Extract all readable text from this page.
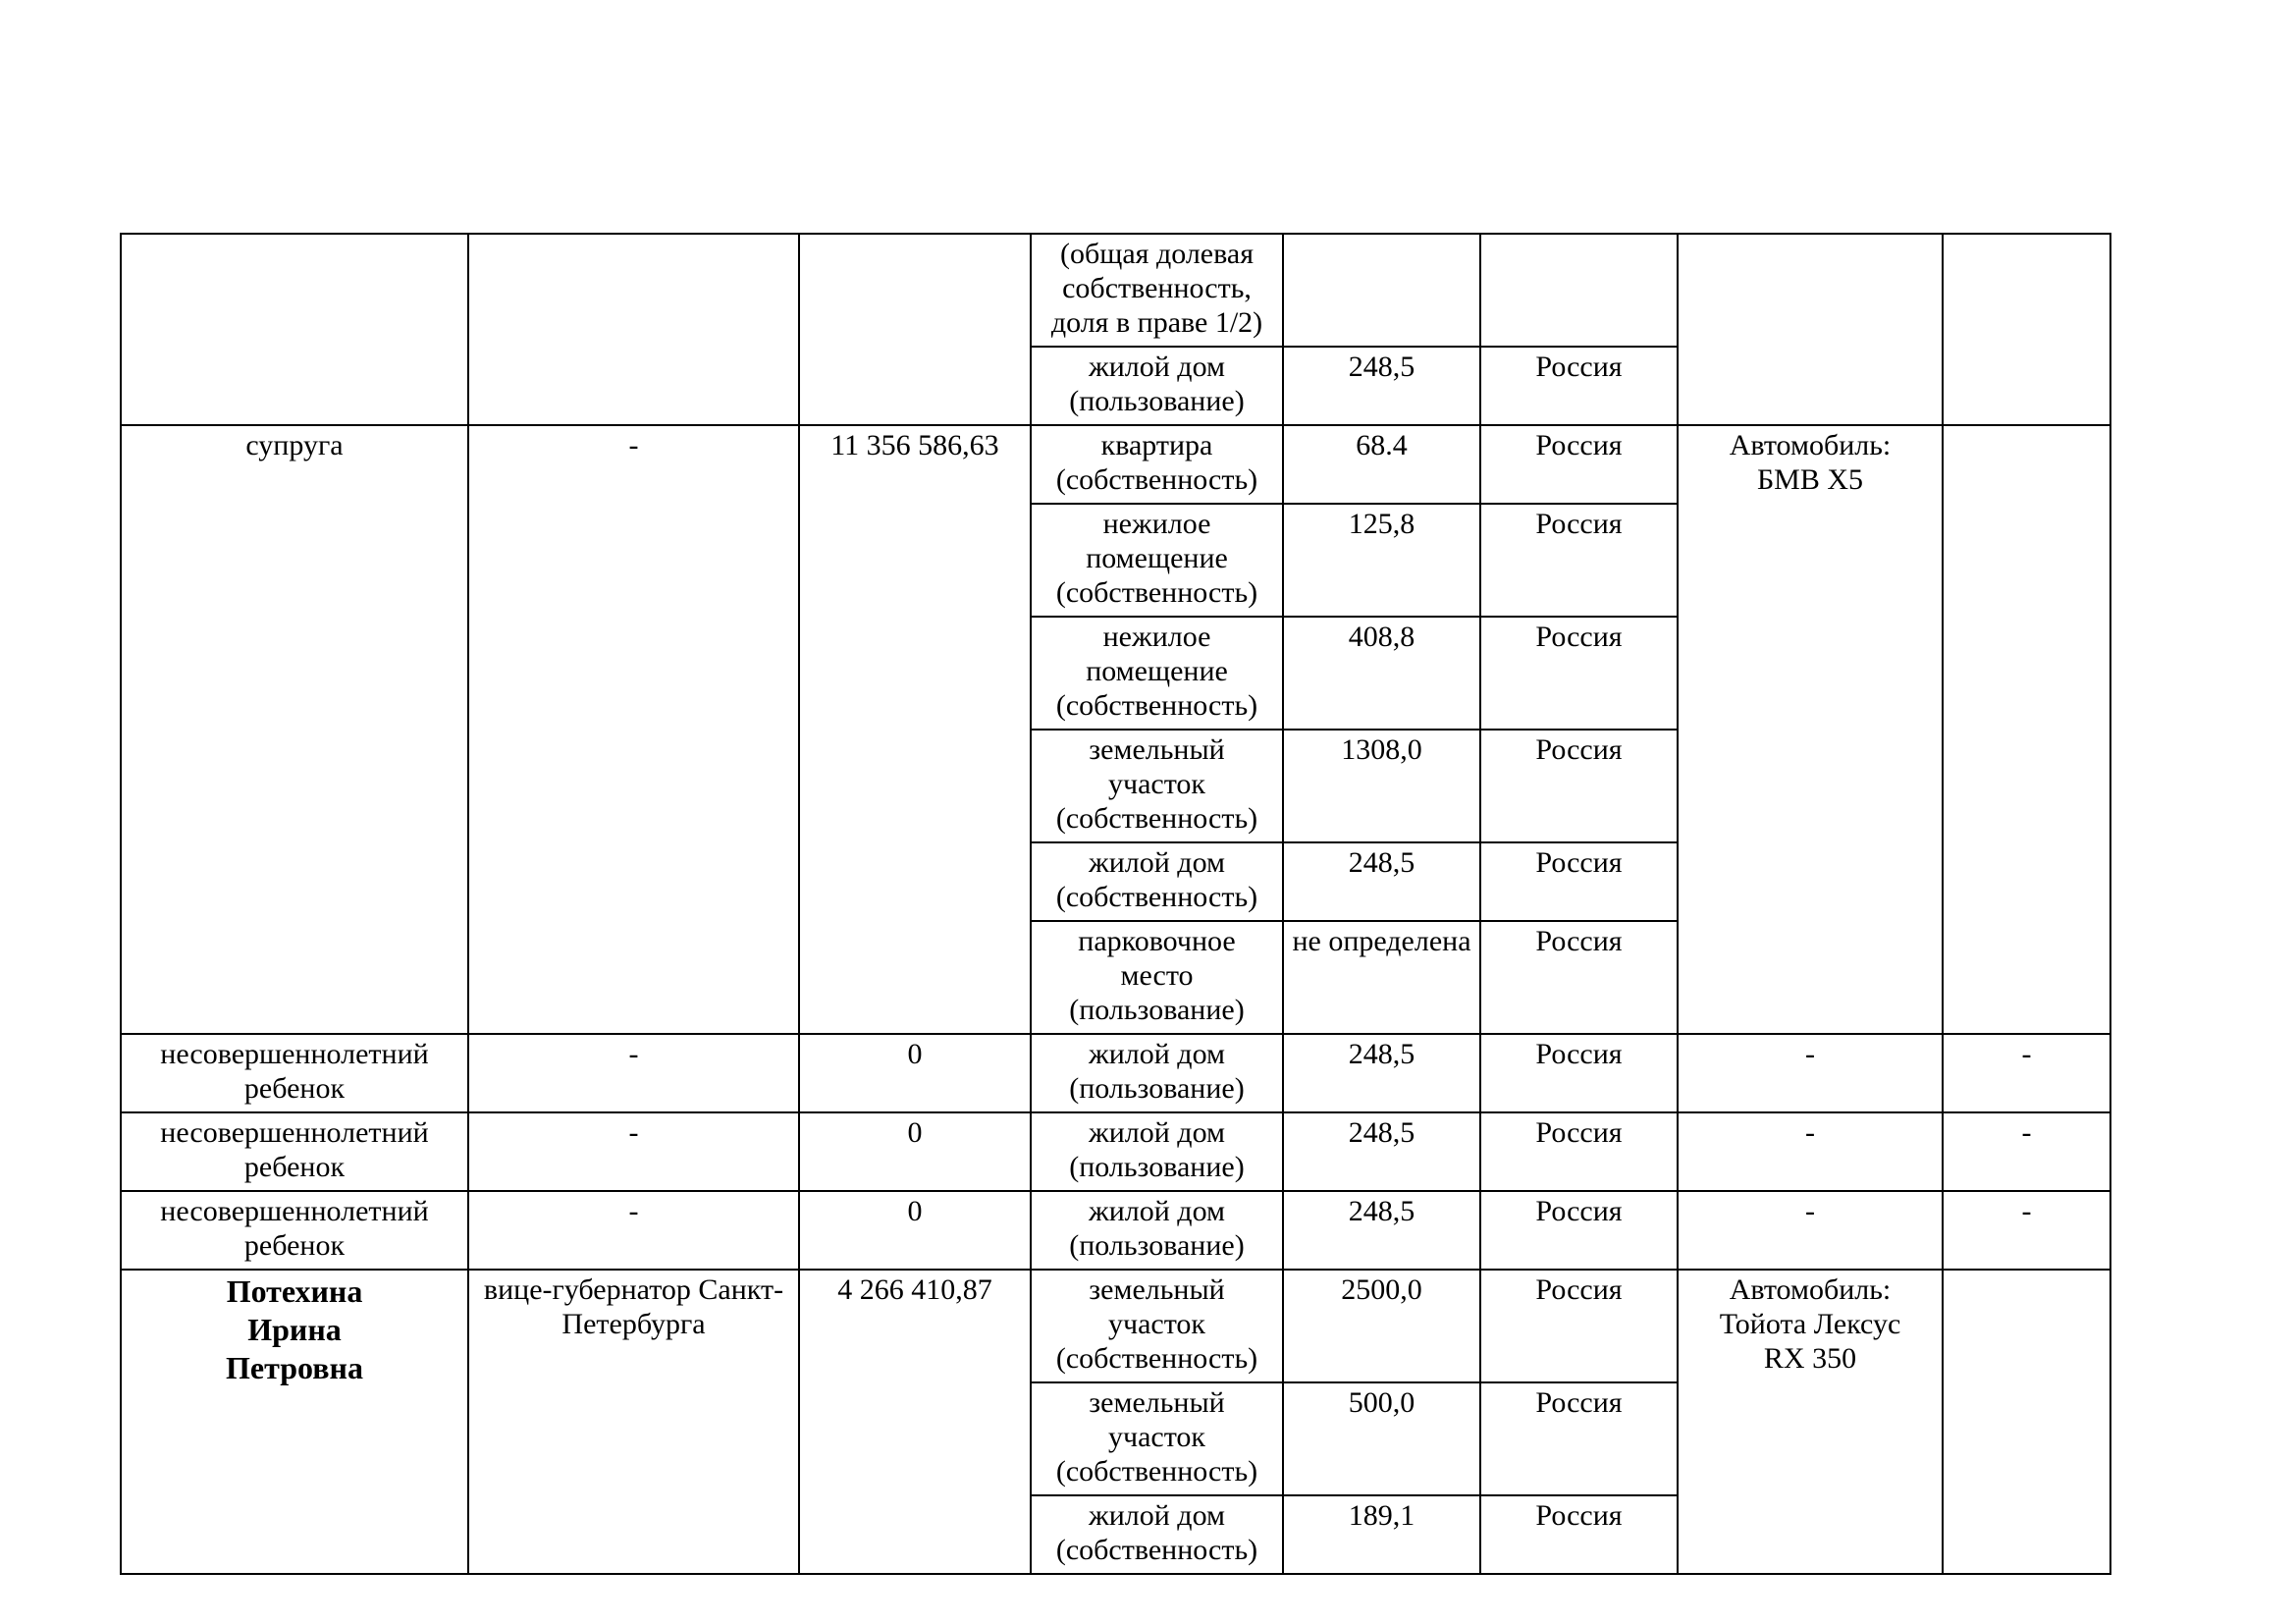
			(общая долевая
собственность,
доля в праве 1/2)				

			жилой дом
(пользование)	248,5	Россия		

супруга	-	11 356 586,63	квартира
(собственность)	68.4	Россия	Автомобиль:
БМВ Х5	

			нежилое
помещение
(собственность)	125,8	Россия		

			нежилое
помещение
(собственность)	408,8	Россия		

			земельный
участок
(собственность)	1308,0	Россия		

			жилой дом
(собственность)	248,5	Россия		

			парковочное
место
(пользование)	не определена	Россия		

несовершеннолетний
ребенок	-	0	жилой дом
(пользование)	248,5	Россия	-	-

несовершеннолетний
ребенок	-	0	жилой дом
(пользование)	248,5	Россия	-	-

несовершеннолетний
ребенок	-	0	жилой дом
(пользование)	248,5	Россия	-	-

Потехина
Ирина
Петровна	вице-губернатор Санкт-Петербурга	4 266 410,87	земельный
участок
(собственность)	2500,0	Россия	Автомобиль:
Тойота Лексус
RX 350	

			земельный
участок
(собственность)	500,0	Россия		

			жилой дом
(собственность)	189,1	Россия		
